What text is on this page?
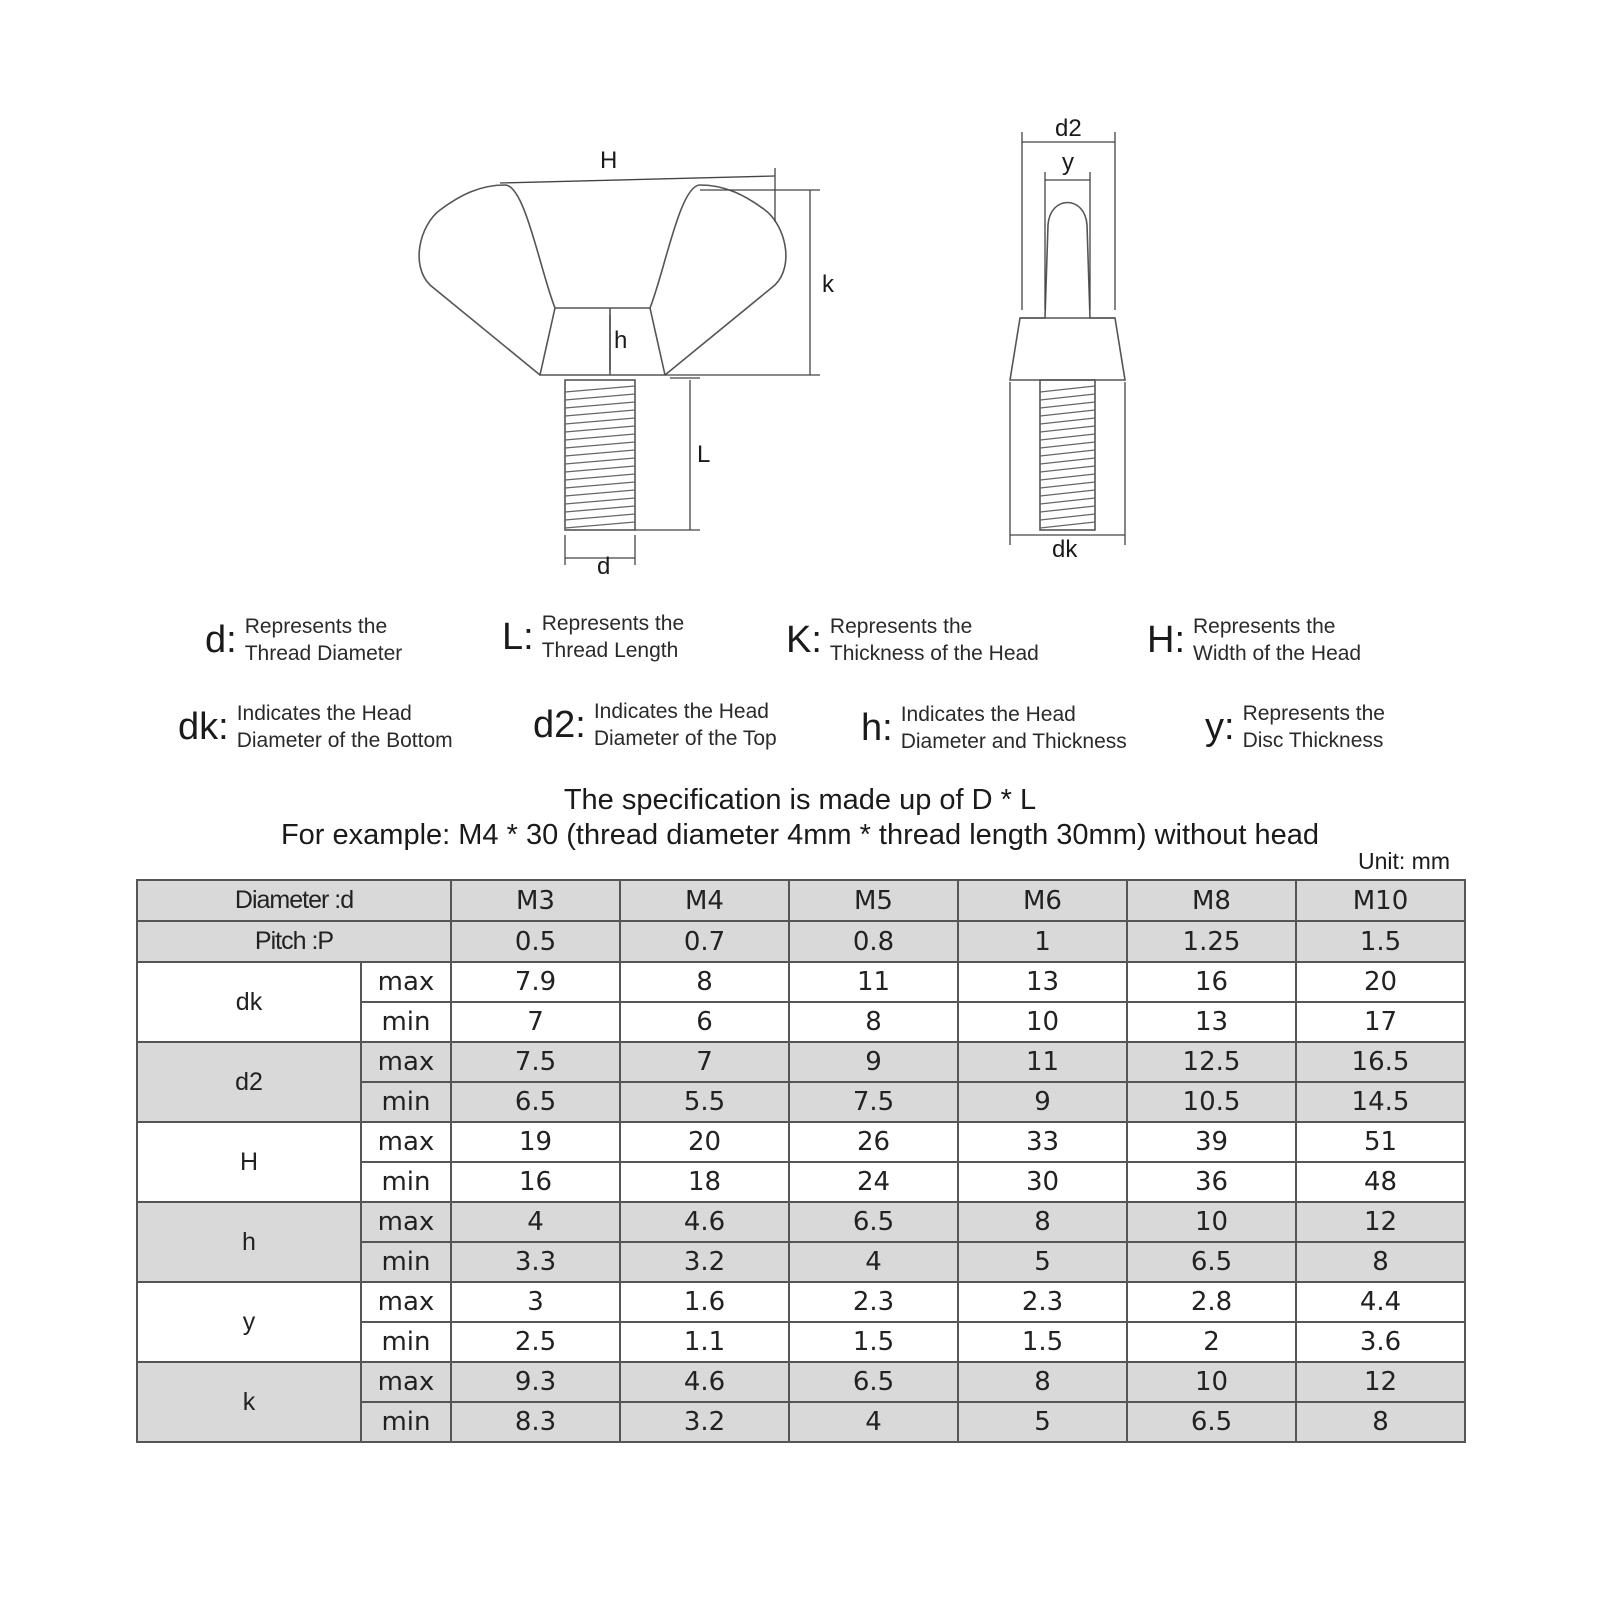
H
k
h
L
d
d2
y
dk
d: Represents the
Thread Diameter	L: Represents the
Thread Length	K: Represents the
Thickness of the Head	H: Represents the
Width of the Head
dk: Indicates the Head
Diameter of the Bottom d2: Indicates the Head
Diameter of the Top h: Indicates the Head
Diameter and Thickness y: Represents the
Disc Thickness
The specification is made up of D * L
For example: M4 * 30 (thread diameter 4mm * thread length 30mm) without head
Unit: mm
Diameter :d		M3	M4	M5	M6	M8	M10
Pitch :P		0.5	0.7	0.8	1	1.25	1.5
dk	max	7.9	8	11	13	16	20
	min	7	6	8	10	13	17
d2	max	7.5	7	9	11	12.5	16.5
	min	6.5	5.5	7.5	9	10.5	14.5
H	max	19	20	26	33	39	51
	min	16	18	24	30	36	48
h	max	4	4.6	6.5	8	10	12
	min	3.3	3.2	4	5	6.5	8
y	max	3	1.6	2.3	2.3	2.8	4.4
	min	2.5	1.1	1.5	1.5	2	3.6
k	max	9.3	4.6	6.5	8	10	12
	min	8.3	3.2	4	5	6.5	8
